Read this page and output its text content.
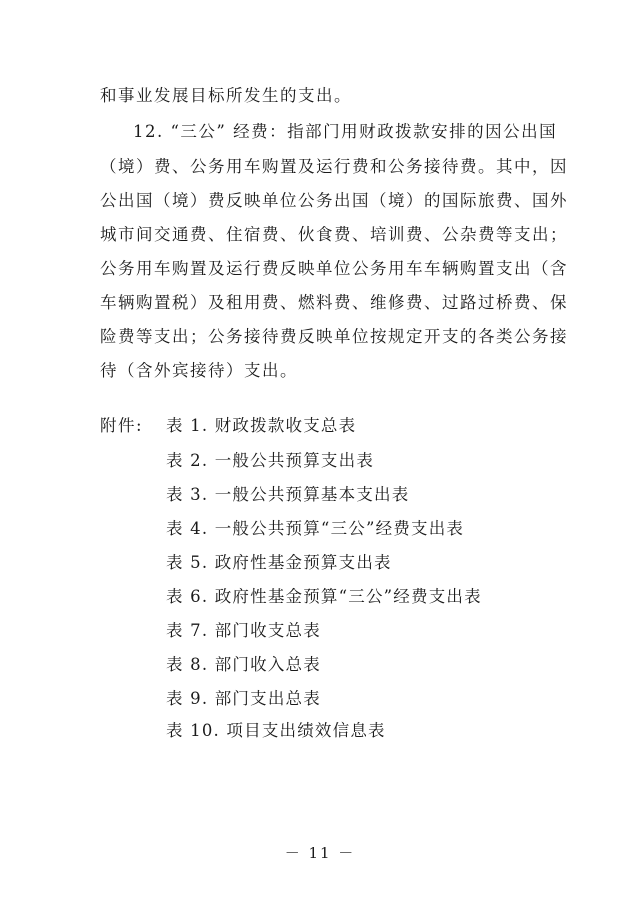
和事业发展目标所发生的支出。
12. “三公” 经费：指部门用财政拨款安排的因公出国
（境）费、公务用车购置及运行费和公务接待费。其中，因
公出国（境）费反映单位公务出国（境）的国际旅费、国外
城市间交通费、住宿费、伙食费、培训费、公杂费等支出；
公务用车购置及运行费反映单位公务用车车辆购置支出（含
车辆购置税）及租用费、燃料费、维修费、过路过桥费、保
险费等支出；公务接待费反映单位按规定开支的各类公务接
待（含外宾接待）支出。
附件: 表 1. 财政拨款收支总表
表 2. 一般公共预算支出表
表 3. 一般公共预算基本支出表
表 4. 一般公共预算“三公”经费支出表
表 5. 政府性基金预算支出表
表 6. 政府性基金预算“三公”经费支出表
表 7. 部门收支总表
表 8. 部门收入总表
表 9. 部门支出总表
表 10. 项目支出绩效信息表
－ 11 －
